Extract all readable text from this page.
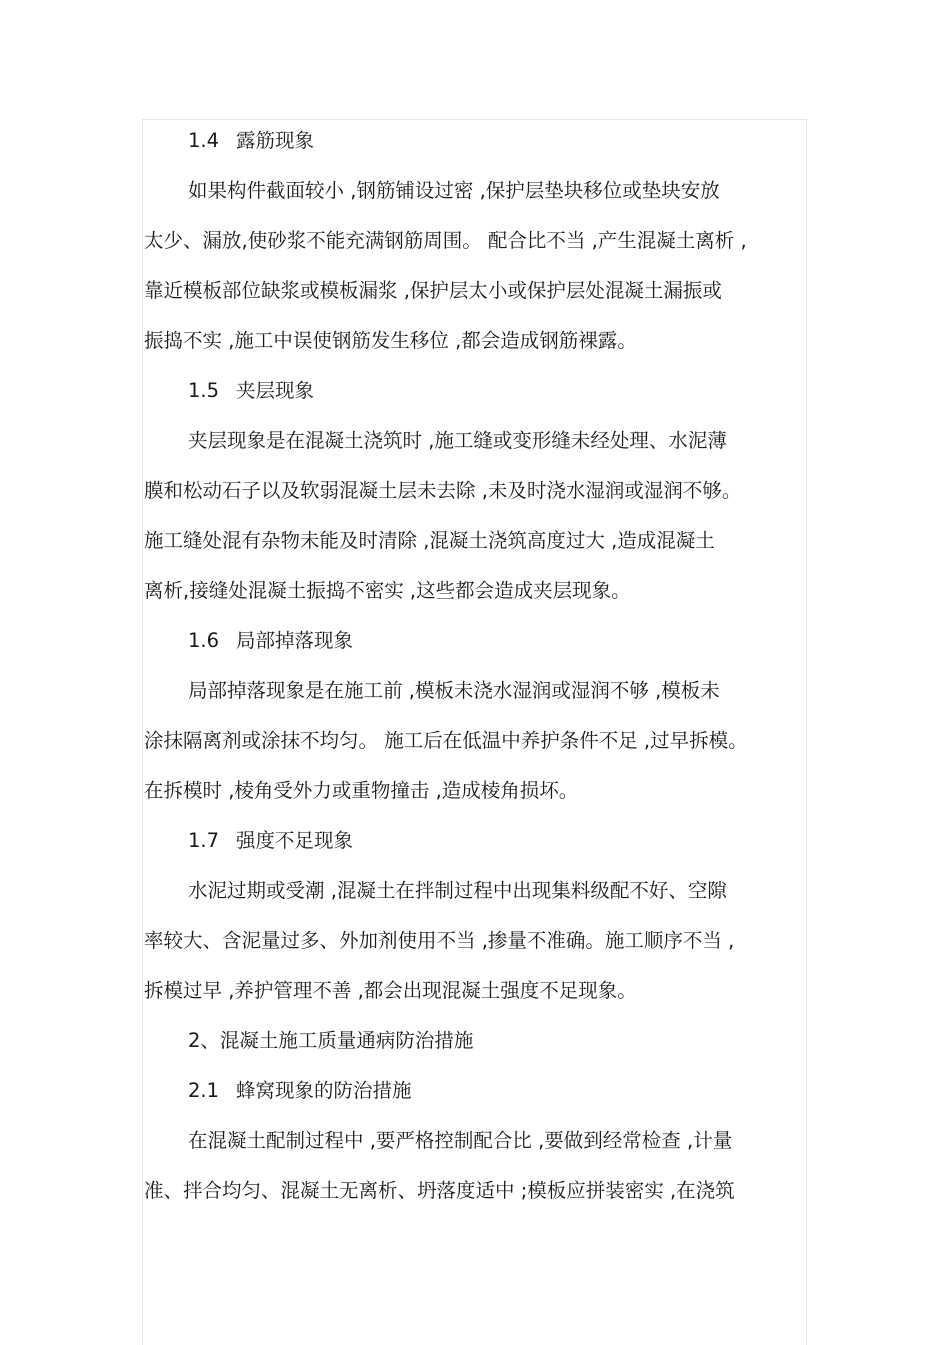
1.4 露筋现象
如果构件截面较小 ,钢筋铺设过密 ,保护层垫块移位或垫块安放
太少、漏放,使砂浆不能充满钢筋周围。 配合比不当 ,产生混凝土离析 ,
靠近模板部位缺浆或模板漏浆 ,保护层太小或保护层处混凝土漏振或
振捣不实 ,施工中误使钢筋发生移位 ,都会造成钢筋裸露。
1.5 夹层现象
夹层现象是在混凝土浇筑时 ,施工缝或变形缝未经处理、水泥薄
膜和松动石子以及软弱混凝土层未去除 ,未及时浇水湿润或湿润不够。
施工缝处混有杂物未能及时清除 ,混凝土浇筑高度过大 ,造成混凝土
离析,接缝处混凝土振捣不密实 ,这些都会造成夹层现象。
1.6 局部掉落现象
局部掉落现象是在施工前 ,模板未浇水湿润或湿润不够 ,模板未
涂抹隔离剂或涂抹不均匀。 施工后在低温中养护条件不足 ,过早拆模。
在拆模时 ,棱角受外力或重物撞击 ,造成棱角损坏。
1.7 强度不足现象
水泥过期或受潮 ,混凝土在拌制过程中出现集料级配不好、空隙
率较大、含泥量过多、外加剂使用不当 ,掺量不准确。施工顺序不当 ,
拆模过早 ,养护管理不善 ,都会出现混凝土强度不足现象。
2、混凝土施工质量通病防治措施
2.1 蜂窝现象的防治措施
在混凝土配制过程中 ,要严格控制配合比 ,要做到经常检查 ,计量
准、拌合均匀、混凝土无离析、坍落度适中 ;模板应拼装密实 ,在浇筑
